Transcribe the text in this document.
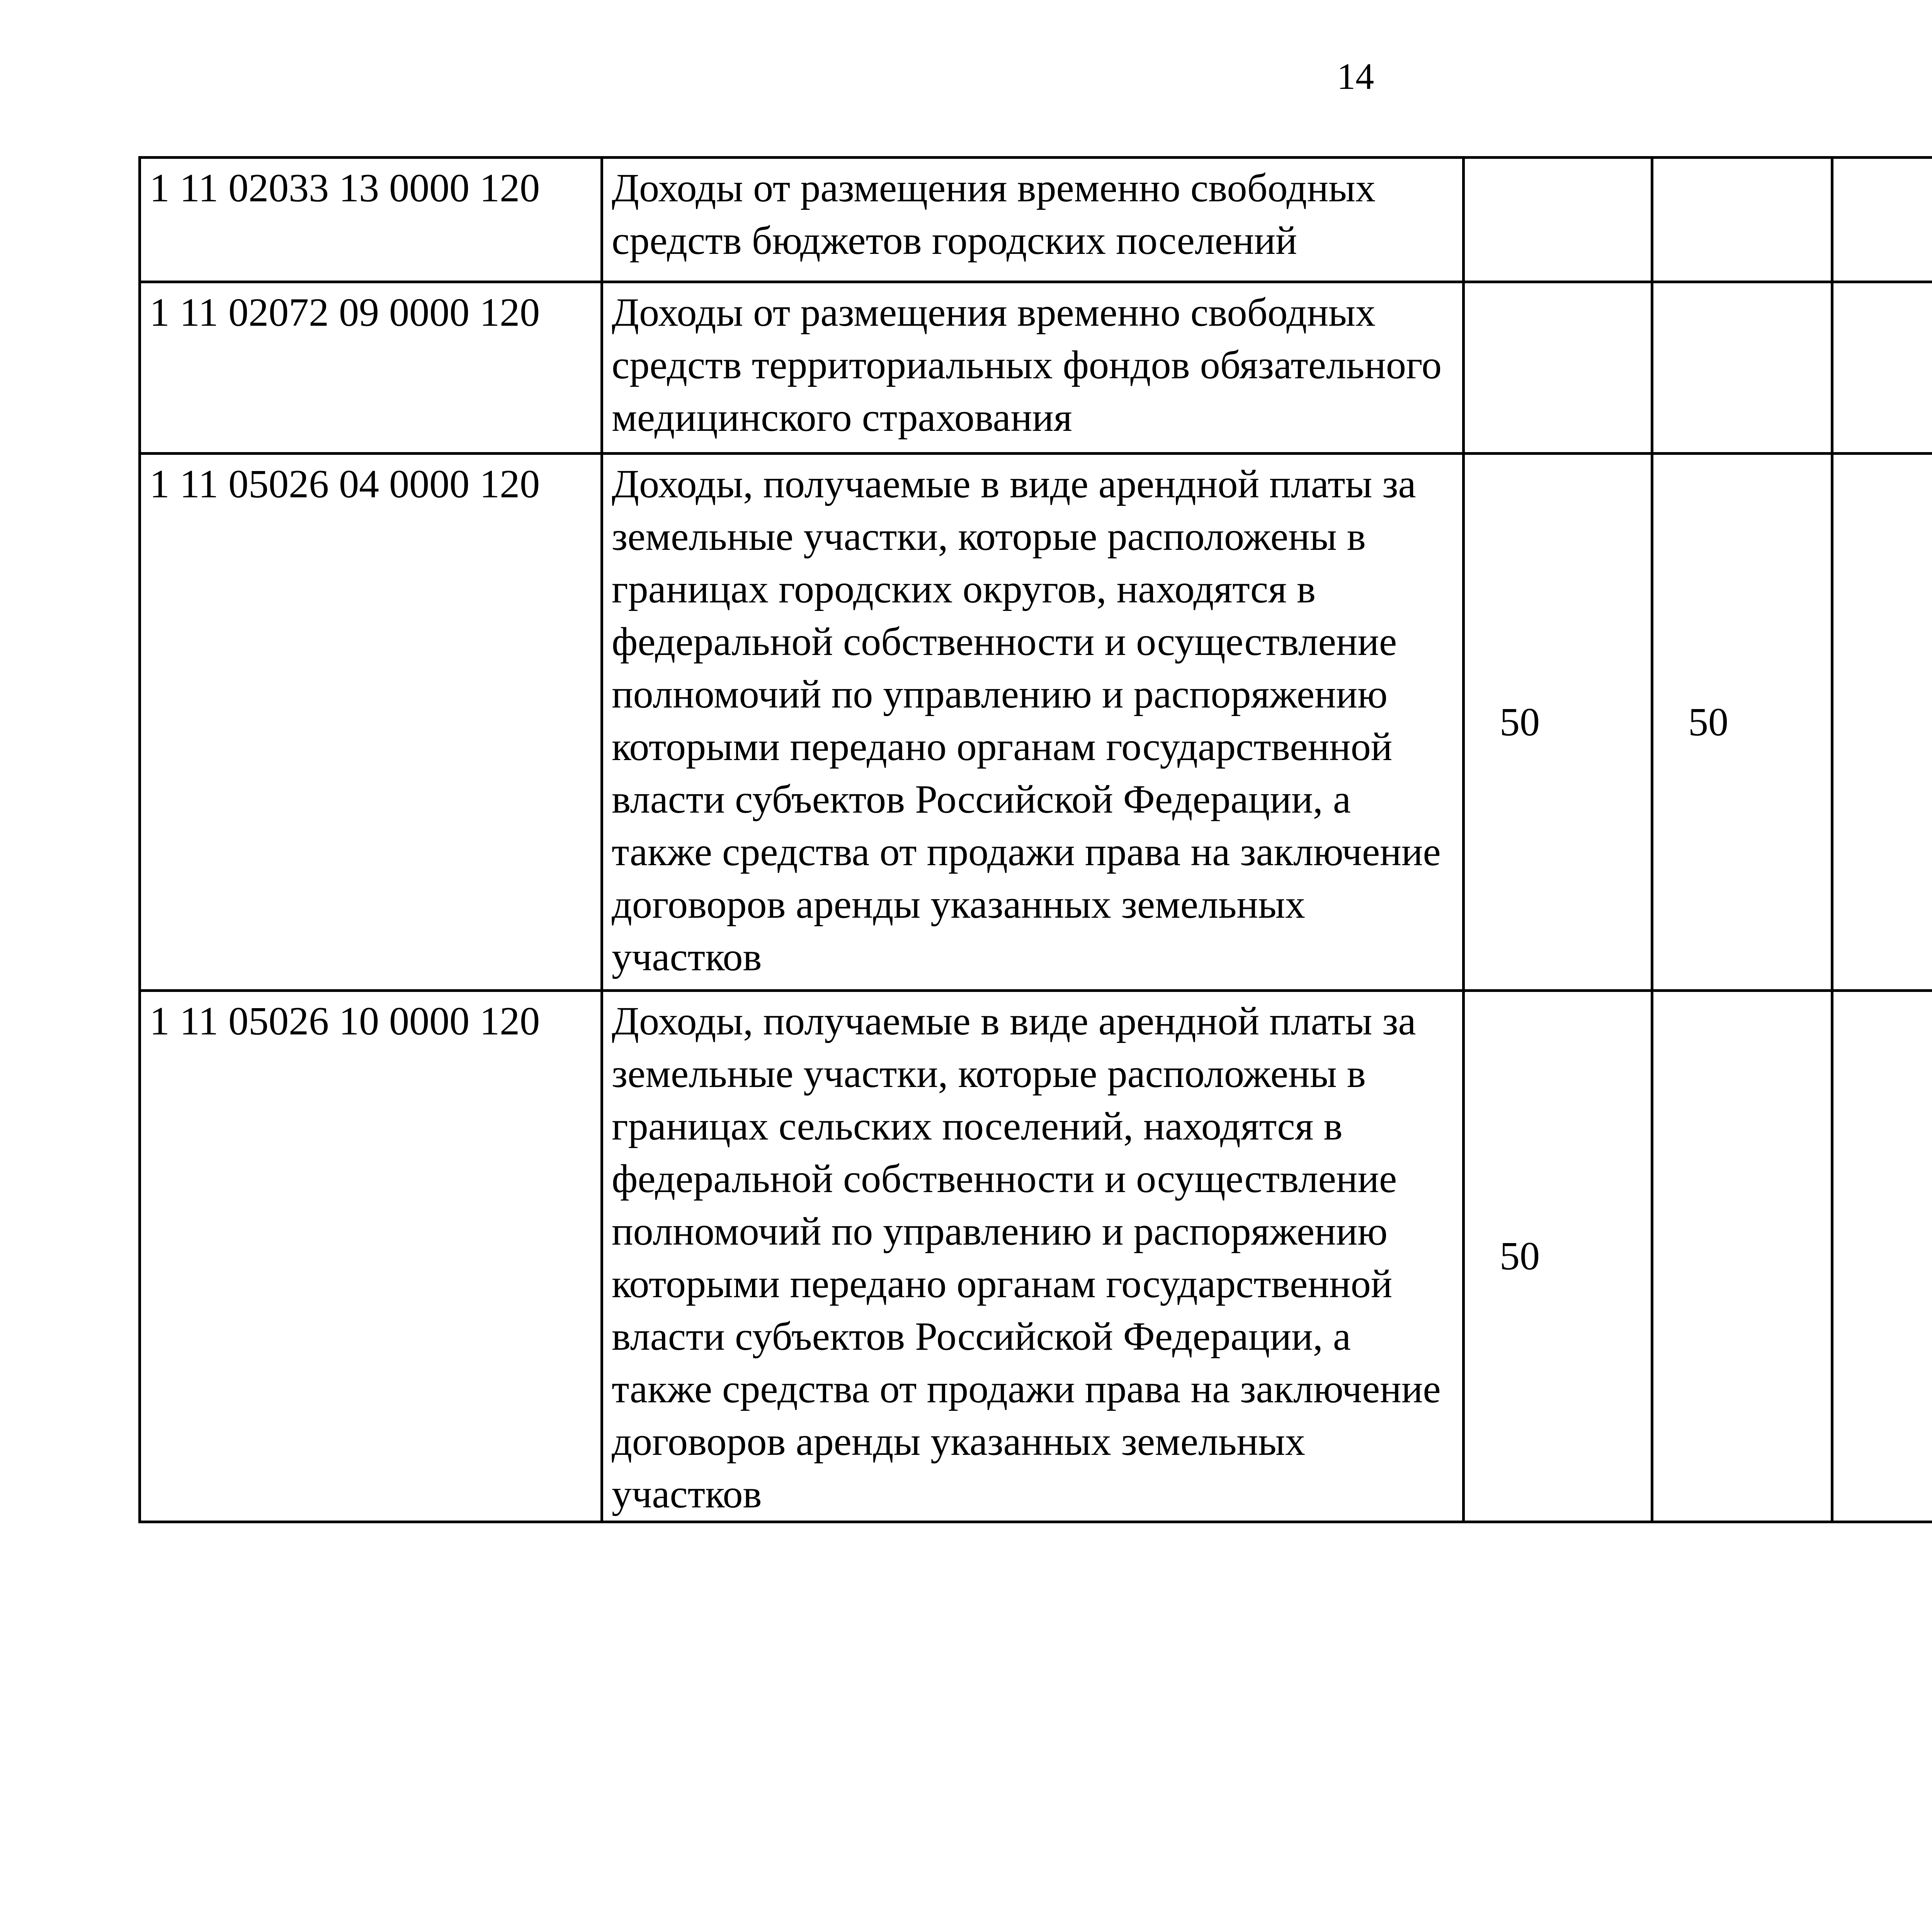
14
1 11 02033 13 0000 120	Доходы от размещения временно свободных средств бюджетов городских поселений					
1 11 02072 09 0000 120	Доходы от размещения временно свободных средств территориальных фондов обязательного медицинского страхования					
1 11 05026 04 0000 120	Доходы, получаемые в виде арендной платы за земельные участки, которые расположены в границах городских округов, находятся в федеральной собственности и осуществление полномочий по управлению и распоряжению которыми передано органам государственной власти субъектов Российской Федерации, а также средства от продажи права на заключение договоров аренды указанных земельных участков	50	50			
1 11 05026 10 0000 120	Доходы, получаемые в виде арендной платы за земельные участки, которые расположены в границах сельских поселений, находятся в федеральной собственности и осуществление полномочий по управлению и распоряжению которыми передано органам государственной власти субъектов Российской Федерации, а также средства от продажи права на заключение договоров аренды указанных земельных участков	50				
